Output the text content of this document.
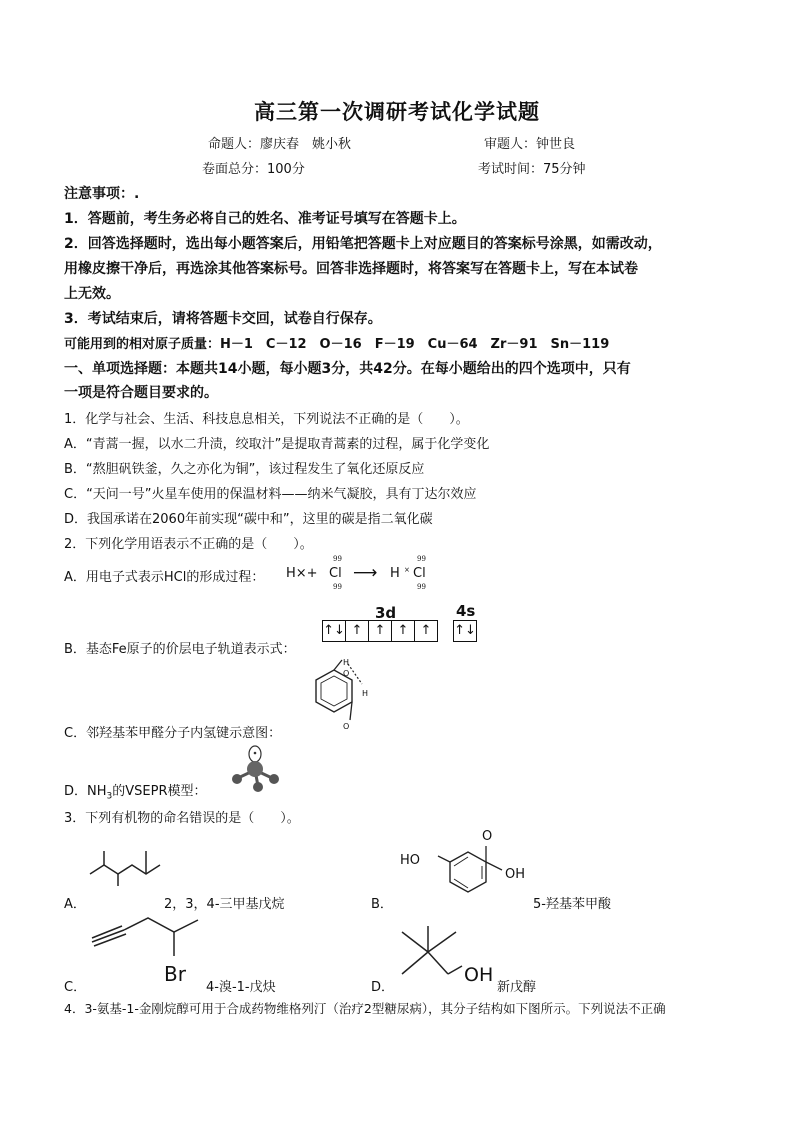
高三第一次调研考试化学试题
命题人：廖庆春　姚小秋	审题人：钟世良
卷面总分：100分	考试时间：75分钟
注意事项：.
1．答题前，考生务必将自己的姓名、准考证号填写在答题卡上。
2．回答选择题时，选出每小题答案后，用铅笔把答题卡上对应题目的答案标号涂黑，如需改动，
用橡皮擦干净后，再选涂其他答案标号。回答非选择题时，将答案写在答题卡上，写在本试卷
上无效。
3．考试结束后，请将答题卡交回，试卷自行保存。
可能用到的相对原子质量：H－1　C－12　O－16　F－19　Cu－64　Zr－91　Sn－119
一、单项选择题：本题共14小题，每小题3分，共42分。在每小题给出的四个选项中，只有
一项是符合题目要求的。
1．化学与社会、生活、科技息息相关，下列说法不正确的是（　　）。
A．“青蒿一握，以水二升渍，绞取汁”是提取青蒿素的过程，属于化学变化
B．“熬胆矾铁釜，久之亦化为铜”，该过程发生了氧化还原反应
C．“天问一号”火星车使用的保温材料——纳米气凝胶，具有丁达尔效应
D．我国承诺在2060年前实现“碳中和”，这里的碳是指二氧化碳
2．下列化学用语表示不正确的是（　　）。
A．用电子式表示HCl的形成过程： H×+ Cl
99
99
⟶ H × Cl
99
99
3d	4s
B．基态Fe原子的价层电子轨道表示式：
↑↓ ↑ ↑ ↑ ↑	↑↓
H
O
H
O
C．邻羟基苯甲醛分子内氢键示意图：
D．$NH_3$的VSEPR模型：
3．下列有机物的命名错误的是（　　）。
A．	2，3，4-三甲基戊烷
HO
O
OH
B．	5-羟基苯甲酸
Br
C．	4-溴-1-戊炔
OH
D．	新戊醇
4．3-氨基-1-金刚烷醇可用于合成药物维格列汀（治疗2型糖尿病），其分子结构如下图所示。下列说法不正确
